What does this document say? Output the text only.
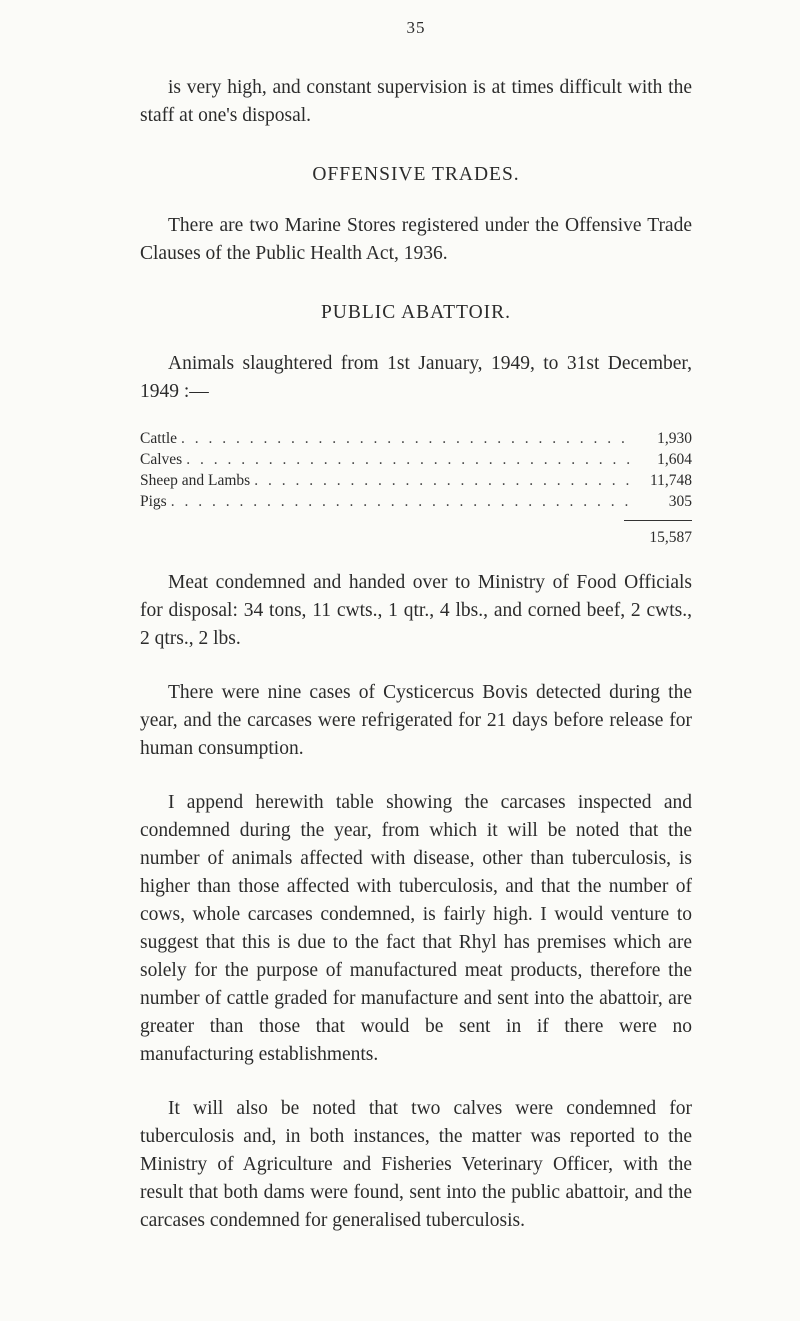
35

is very high, and constant supervision is at times difficult with the staff at one's disposal.

OFFENSIVE TRADES.

There are two Marine Stores registered under the Offensive Trade Clauses of the Public Health Act, 1936.

PUBLIC ABATTOIR.

Animals slaughtered from 1st January, 1949, to 31st December, 1949 :—

Cattle . . .	1,930
Calves . . .	1,604
Sheep and Lambs . . .	11,748
Pigs . . .	305
15,587

Meat condemned and handed over to Ministry of Food Officials for disposal: 34 tons, 11 cwts., 1 qtr., 4 lbs., and corned beef, 2 cwts., 2 qtrs., 2 lbs.

There were nine cases of Cysticercus Bovis detected during the year, and the carcases were refrigerated for 21 days before release for human consumption.

I append herewith table showing the carcases inspected and condemned during the year, from which it will be noted that the number of animals affected with disease, other than tuberculosis, is higher than those affected with tuberculosis, and that the number of cows, whole carcases condemned, is fairly high. I would venture to suggest that this is due to the fact that Rhyl has premises which are solely for the purpose of manufactured meat products, therefore the number of cattle graded for manufacture and sent into the abattoir, are greater than those that would be sent in if there were no manufacturing establishments.

It will also be noted that two calves were condemned for tuberculosis and, in both instances, the matter was reported to the Ministry of Agriculture and Fisheries Veterinary Officer, with the result that both dams were found, sent into the public abattoir, and the carcases condemned for generalised tuberculosis.
